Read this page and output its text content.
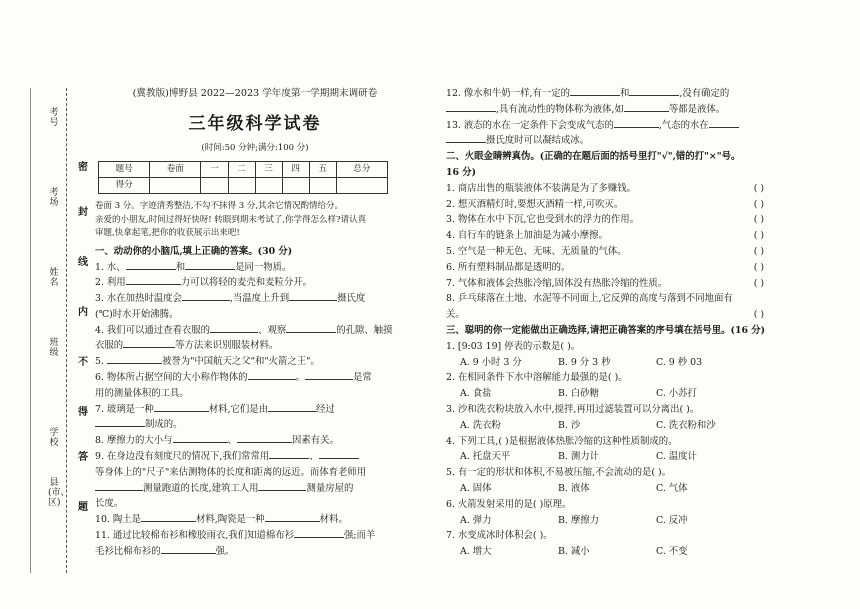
考号
考场
姓名
班级
学校
县(市、区)
密
封
线
内
不
得
答
题
(冀教版)博野县 2022—2023 学年度第一学期期末调研卷
三年级科学试卷
(时间:50 分钟;满分:100 分)
题号	卷面	一	二	三	四	五	总分
得分							
卷面 3 分。字迹清秀整洁,不勾不抹得 3 分,其余它情况酌情给分。
亲爱的小朋友,时间过得好快呀! 转眼到期末考试了,你学得怎么样?请认真
审题,快拿起笔,把你的收获展示出来吧!
一、动动你的小脑瓜,填上正确的答案。(30 分)
1. 水、	和	是同一物质。
2. 利用	力可以将轻的麦壳和麦粒分开。
3. 水在加热时温度会	,当温度上升到	摄氏度
(℃)时水开始沸腾。
4. 我们可以通过查看衣服的	、观察	的孔隙、触摸
衣服的	等方法来识别服装材料。
5.	被誉为"中国航天之父"和"火箭之王"。
6. 物体所占据空间的大小称作物体的	。	是常
用的测量体积的工具。
7. 玻璃是一种	材料,它们是由	经过
制成的。
8. 摩擦力的大小与	、	因素有关。
9. 在身边没有刻度尺的情况下,我们常常用	、
等身体上的"尺子"来估测物体的长度和距离的远近。而体育老师用
测量跑道的长度,建筑工人用	测量房屋的
长度。
10. 陶土是	材料,陶瓷是一种	材料。
11. 通过比较棉布衫和橡胶雨衣,我们知道棉布衫	强;而羊
毛衫比棉布衫的	强。
12. 像水和牛奶一样,有一定的	和	,没有确定的
,具有流动性的物体称为液体,如	等都是液体。
13. 液态的水在一定条件下会变成气态的	,气态的水在
摄氏度时可以凝结成冰。
二、火眼金睛辨真伪。(正确的在题后面的括号里打"√",错的打"×"号。
16 分)
1. 商店出售的瓶装液体不装满是为了多赚钱。	( )
2. 想灭酒精灯时,要想灭酒精一样,可吹灭。	( )
3. 物体在水中下沉,它也受到水的浮力的作用。	( )
4. 自行车的链条上加油是为减小摩擦。	( )
5. 空气是一种无色、无味、无质量的气体。	( )
6. 所有塑料制品都是透明的。	( )
7. 气体和液体会热胀冷缩,固体没有热胀冷缩的性质。	( )
8. 乒乓球落在土地、水泥等不同面上,它反弹的高度与落到不同地面有
关。	( )
三、聪明的你一定能做出正确选择,请把正确答案的序号填在括号里。(16 分)
1. [9:03 19] 停表的示数是( )。
A. 9 小时 3 分	B. 9 分 3 秒	C. 9 秒 03
2. 在相同条件下水中溶解能力最强的是( )。
A. 食盐	B. 白砂糖	C. 小苏打
3. 沙和洗衣粉块放入水中,搅拌,再用过滤装置可以分离出( )。
A. 洗衣粉	B. 沙	C. 洗衣粉和沙
4. 下列工具,( )是根据液体热胀冷缩的这种性质制成的。
A. 托盘天平	B. 测力计	C. 温度计
5. 有一定的形状和体积,不易被压缩,不会流动的是( )。
A. 固体	B. 液体	C. 气体
6. 火箭发射采用的是( )原理。
A. 弹力	B. 摩擦力	C. 反冲
7. 水变成冰时体积会( )。
A. 增大	B. 减小	C. 不变
